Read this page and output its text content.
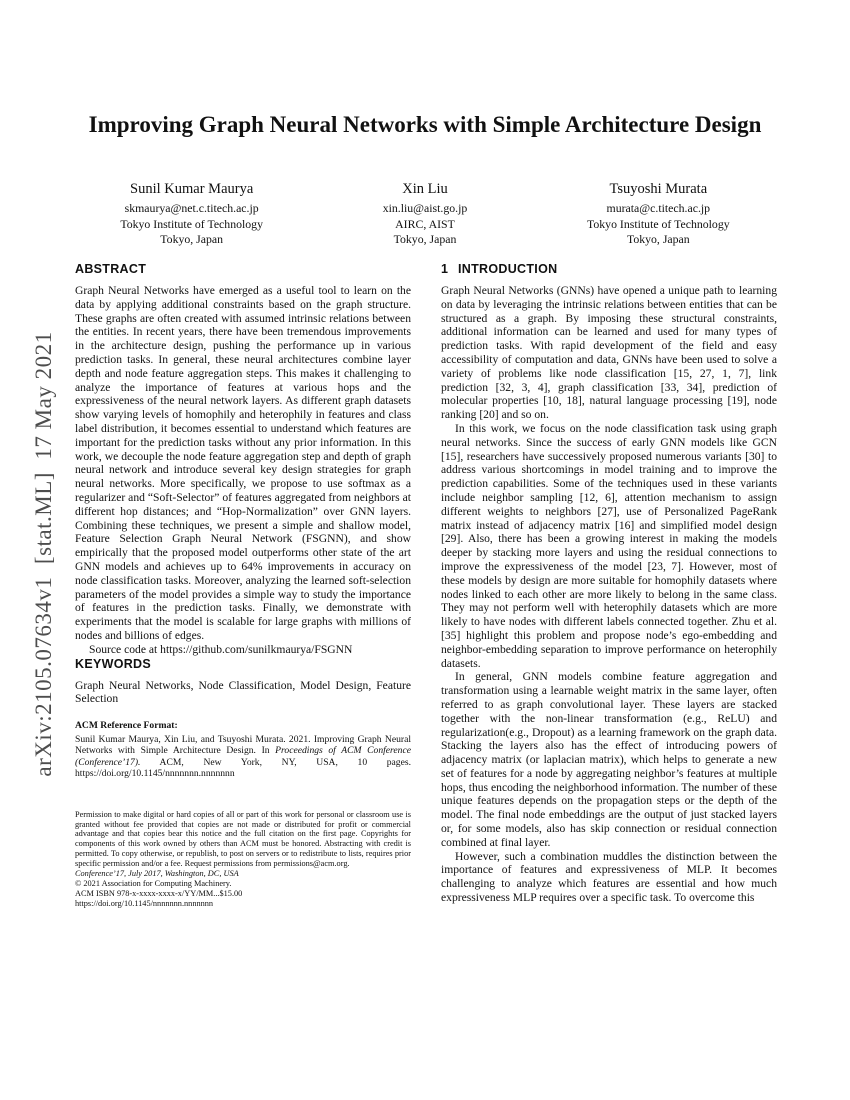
arXiv:2105.07634v1  [stat.ML]  17 May 2021
Improving Graph Neural Networks with Simple Architecture Design
Sunil Kumar Maurya
skmaurya@net.c.titech.ac.jp
Tokyo Institute of Technology
Tokyo, Japan
Xin Liu
xin.liu@aist.go.jp
AIRC, AIST
Tokyo, Japan
Tsuyoshi Murata
murata@c.titech.ac.jp
Tokyo Institute of Technology
Tokyo, Japan
ABSTRACT

Graph Neural Networks have emerged as a useful tool to learn on the data by applying additional constraints based on the graph structure. These graphs are often created with assumed intrinsic relations between the entities. In recent years, there have been tremendous improvements in the architecture design, pushing the performance up in various prediction tasks. In general, these neural architectures combine layer depth and node feature aggregation steps. This makes it challenging to analyze the importance of features at various hops and the expressiveness of the neural network layers. As different graph datasets show varying levels of homophily and heterophily in features and class label distribution, it becomes essential to understand which features are important for the prediction tasks without any prior information. In this work, we decouple the node feature aggregation step and depth of graph neural network and introduce several key design strategies for graph neural networks. More specifically, we propose to use softmax as a regularizer and “Soft-Selector” of features aggregated from neighbors at different hop distances; and “Hop-Normalization” over GNN layers. Combining these techniques, we present a simple and shallow model, Feature Selection Graph Neural Network (FSGNN), and show empirically that the proposed model outperforms other state of the art GNN models and achieves up to 64% improvements in accuracy on node classification tasks. Moreover, analyzing the learned soft-selection parameters of the model provides a simple way to study the importance of features in the prediction tasks. Finally, we demonstrate with experiments that the model is scalable for large graphs with millions of nodes and billions of edges.

Source code at https://github.com/sunilkmaurya/FSGNN

KEYWORDS

Graph Neural Networks, Node Classification, Model Design, Feature Selection

ACM Reference Format:

Sunil Kumar Maurya, Xin Liu, and Tsuyoshi Murata. 2021. Improving Graph Neural Networks with Simple Architecture Design. In Proceedings of ACM Conference (Conference’17). ACM, New York, NY, USA, 10 pages. https://doi.org/10.1145/nnnnnnn.nnnnnnn

Permission to make digital or hard copies of all or part of this work for personal or classroom use is granted without fee provided that copies are not made or distributed for profit or commercial advantage and that copies bear this notice and the full citation on the first page. Copyrights for components of this work owned by others than ACM must be honored. Abstracting with credit is permitted. To copy otherwise, or republish, to post on servers or to redistribute to lists, requires prior specific permission and/or a fee. Request permissions from permissions@acm.org.

Conference’17, July 2017, Washington, DC, USA

© 2021 Association for Computing Machinery.

ACM ISBN 978-x-xxxx-xxxx-x/YY/MM...$15.00

https://doi.org/10.1145/nnnnnnn.nnnnnnn

1 INTRODUCTION

Graph Neural Networks (GNNs) have opened a unique path to learning on data by leveraging the intrinsic relations between entities that can be structured as a graph. By imposing these structural constraints, additional information can be learned and used for many types of prediction tasks. With rapid development of the field and easy accessibility of computation and data, GNNs have been used to solve a variety of problems like node classification [15, 27, 1, 7], link prediction [32, 3, 4], graph classification [33, 34], prediction of molecular properties [10, 18], natural language processing [19], node ranking [20] and so on.

In this work, we focus on the node classification task using graph neural networks. Since the success of early GNN models like GCN [15], researchers have successively proposed numerous variants [30] to address various shortcomings in model training and to improve the prediction capabilities. Some of the techniques used in these variants include neighbor sampling [12, 6], attention mechanism to assign different weights to neighbors [27], use of Personalized PageRank matrix instead of adjacency matrix [16] and simplified model design [29]. Also, there has been a growing interest in making the models deeper by stacking more layers and using the residual connections to improve the expressiveness of the model [23, 7]. However, most of these models by design are more suitable for homophily datasets where nodes linked to each other are more likely to belong in the same class. They may not perform well with heterophily datasets which are more likely to have nodes with different labels connected together. Zhu et al. [35] highlight this problem and propose node’s ego-embedding and neighbor-embedding separation to improve performance on heterophily datasets.

In general, GNN models combine feature aggregation and transformation using a learnable weight matrix in the same layer, often referred to as graph convolutional layer. These layers are stacked together with the non-linear transformation (e.g., ReLU) and regularization(e.g., Dropout) as a learning framework on the graph data. Stacking the layers also has the effect of introducing powers of adjacency matrix (or laplacian matrix), which helps to generate a new set of features for a node by aggregating neighbor’s features at multiple hops, thus encoding the neighborhood information. The number of these unique features depends on the propagation steps or the depth of the model. The final node embeddings are the output of just stacked layers or, for some models, also has skip connection or residual connection combined at final layer.

However, such a combination muddles the distinction between the importance of features and expressiveness of MLP. It becomes challenging to analyze which features are essential and how much expressiveness MLP requires over a specific task. To overcome this
